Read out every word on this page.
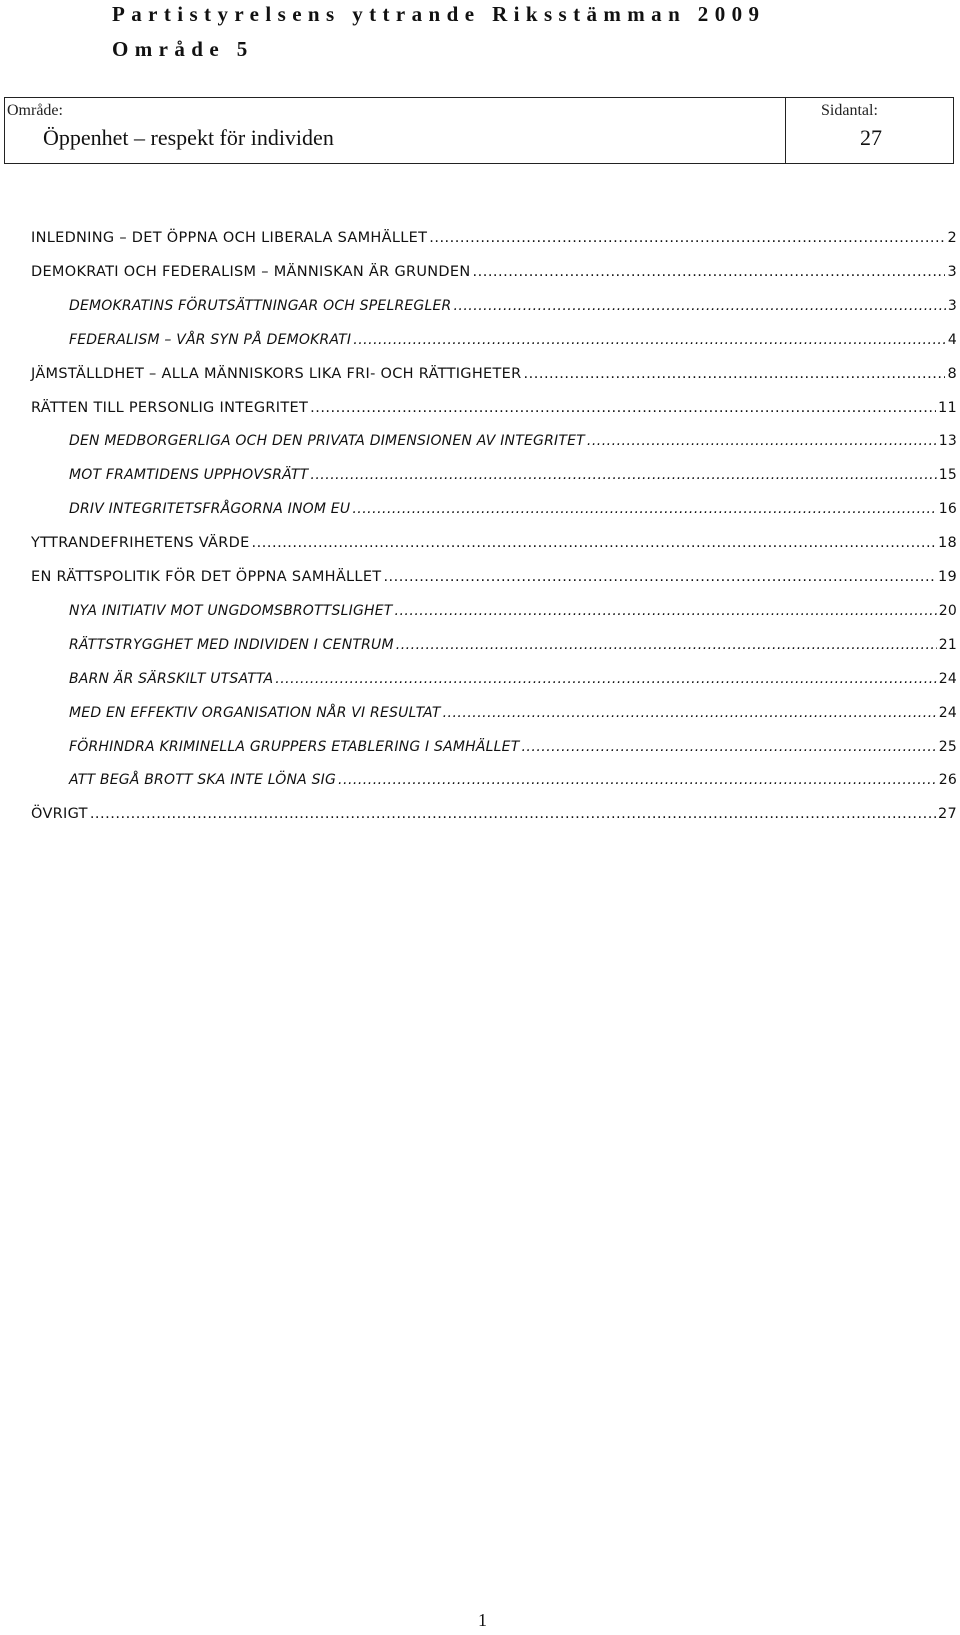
Partistyrelsens yttrande Riksstämman 2009
Område 5
Område:
Öppenhet – respekt för individen
Sidantal:
27
INLEDNING – DET ÖPPNA OCH LIBERALA SAMHÄLLET .....	2
DEMOKRATI OCH FEDERALISM – MÄNNISKAN ÄR GRUNDEN .....	3
DEMOKRATINS FÖRUTSÄTTNINGAR OCH SPELREGLER .....	3
FEDERALISM – VÅR SYN PÅ DEMOKRATI .....	4
JÄMSTÄLLDHET – ALLA MÄNNISKORS LIKA FRI- OCH RÄTTIGHETER .....	8
RÄTTEN TILL PERSONLIG INTEGRITET .....	11
DEN MEDBORGERLIGA OCH DEN PRIVATA DIMENSIONEN AV INTEGRITET .....	13
MOT FRAMTIDENS UPPHOVSRÄTT .....	15
DRIV INTEGRITETSFRÅGORNA INOM EU .....	16
YTTRANDEFRIHETENS VÄRDE .....	18
EN RÄTTSPOLITIK FÖR DET ÖPPNA SAMHÄLLET .....	19
NYA INITIATIV MOT UNGDOMSBROTTSLIGHET .....	20
RÄTTSTRYGGHET MED INDIVIDEN I CENTRUM .....	21
BARN ÄR SÄRSKILT UTSATTA .....	24
MED EN EFFEKTIV ORGANISATION NÅR VI RESULTAT .....	24
FÖRHINDRA KRIMINELLA GRUPPERS ETABLERING I SAMHÄLLET .....	25
ATT BEGÅ BROTT SKA INTE LÖNA SIG .....	26
ÖVRIGT .....	27
1
